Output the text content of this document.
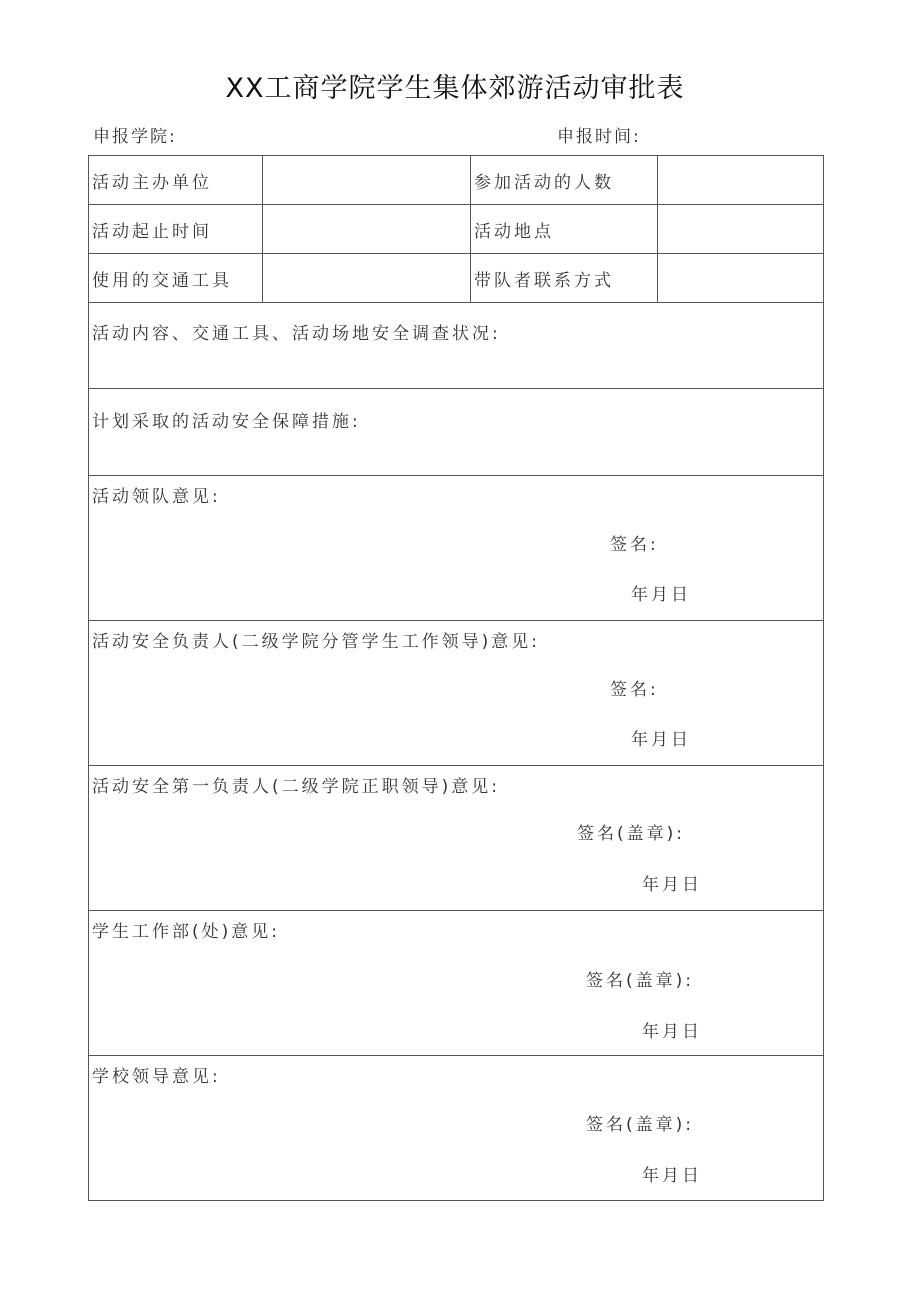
XX工商学院学生集体郊游活动审批表
申报学院:	申报时间:
活动主办单位		参加活动的人数	
活动起止时间		活动地点	
使用的交通工具		带队者联系方式	

活动内容、交通工具、活动场地安全调查状况:			

计划采取的活动安全保障措施:			

活动领队意见:
签名:
年月日			

活动安全负责人(二级学院分管学生工作领导)意见:
签名:
年月日			

活动安全第一负责人(二级学院正职领导)意见:
签名(盖章):
年月日			

学生工作部(处)意见:
签名(盖章):
年月日			

学校领导意见:
签名(盖章):
年月日			
